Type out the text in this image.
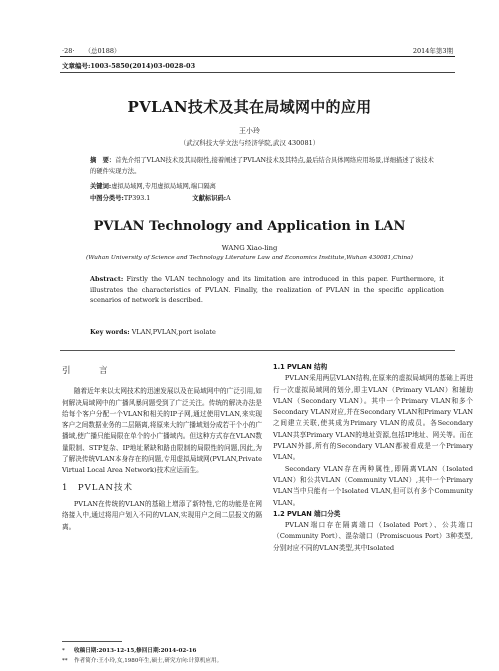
·28· （总0188）	2014年第3期
文章编号:1003-5850(2014)03-0028-03
PVLAN技术及其在局域网中的应用
王小玲
（武汉科技大学文法与经济学院,武汉 430081）
摘　要：首先介绍了VLAN技术及其局限性,接着阐述了PVLAN技术及其特点,最后结合具体网络应用场景,详细描述了该技术的硬件实现方法。
关键词:虚拟局域网,专用虚拟局域网,端口隔离
中图分类号:TP393.1	文献标识码:A
PVLAN Technology and Application in LAN
WANG Xiao-ling
(Wuhan University of Science and Technology Literature Law and Economics Institute,Wuhan 430081,China)
Abstract: Firstly the VLAN technology and its limitation are introduced in this paper. Furthermore, it illustrates the characteristics of PVLAN. Finally, the realization of PVLAN in the specific application scenarios of network is described.
Key words: VLAN,PVLAN,port isolate
引　言

随着近年来以太网技术的迅速发展以及在局域网中的广泛引用,如何解决局域网中的广播风暴问题受到了广泛关注。传统的解决办法是给每个客户分配一个VLAN和相关的IP子网,通过使用VLAN,来实现客户之间数据业务的二层隔离,将原来大的广播域划分成若干个小的广播域,使广播只能局限在单个的小广播域内。但这种方式存在VLAN数量限制、STP复杂、IP地址紧缺和路由限制的局限性的问题,因此,为了解决传统VLAN本身存在的问题,专用虚拟局域网(PVLAN,Private Virtual Local Area Network)技术应运而生。

1　PVLAN技术

PVLAN在传统的VLAN的基础上增添了新特性,它的功能是在网络接入中,通过将用户划入不同的VLAN,实现用户之间二层报文的隔离。

1.1 PVLAN 结构

PVLAN采用两层VLAN结构,在原来的虚拟局域网的基础上再进行一次虚拟局域网的划分,即主VLAN（Primary VLAN）和辅助VLAN（Secondary VLAN）。其中一个Primary VLAN和多个Secondary VLAN对应,并在Secondary VLAN和Primary VLAN之间建立关联,使其成为Primary VLAN的成员。各Secondary VLAN共享Primary VLAN的地址资源,包括IP地址、网关等。而在PVLAN外部,所有的Secondary VLAN都被看成是一个Primary VLAN。

Secondary VLAN存在两种属性,即隔离VLAN（Isolated VLAN）和公共VLAN（Community VLAN）,其中一个Primary VLAN当中只能有一个Isolated VLAN,但可以有多个Community VLAN。

1.2 PVLAN 端口分类

PVLAN端口存在隔离端口（Isolated Port）、公共端口（Community Port）、混杂端口（Promiscuous Port）3种类型,分别对应不同的VLAN类型,其中Isolated

* 收稿日期:2013-12-15,修回日期:2014-02-16
** 作者简介:王小玲,女,1980年生,硕士,研究方向:计算机应用。
